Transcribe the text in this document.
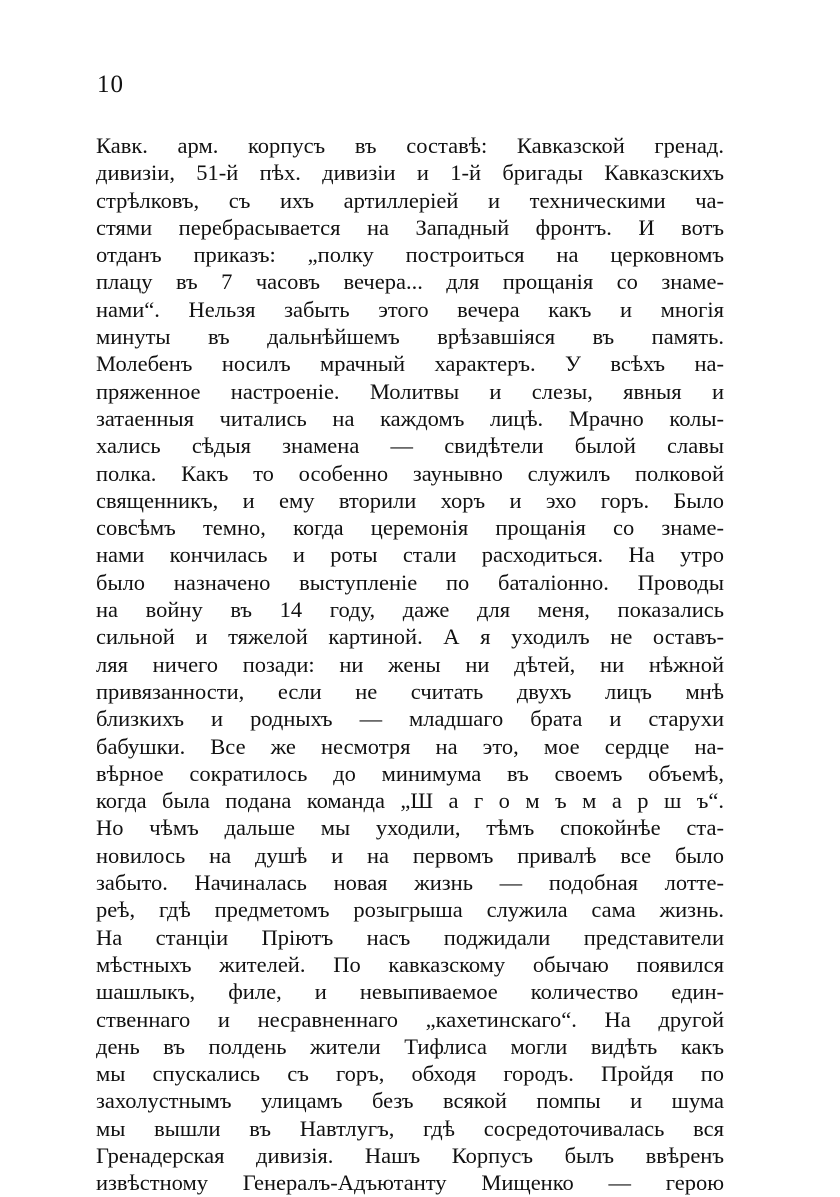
10
Кавк. арм. корпусъ въ составѣ: Кавказской гренад.
дивизіи, 51-й пѣх. дивизіи и 1-й бригады Кавказскихъ
стрѣлковъ, съ ихъ артиллеріей и техническими ча-
стями перебрасывается на Западный фронтъ. И вотъ
отданъ приказъ: „полку построиться на церковномъ
плацу въ 7 часовъ вечера... для прощанія со знаме-
нами“. Нельзя забыть этого вечера какъ и многія
минуты въ дальнѣйшемъ врѣзавшіяся въ память.
Молебенъ носилъ мрачный характеръ. У всѣхъ на-
пряженное настроеніе. Молитвы и слезы, явныя и
затаенныя читались на каждомъ лицѣ. Мрачно колы-
хались сѣдыя знамена — свидѣтели былой славы
полка. Какъ то особенно заунывно служилъ полковой
священникъ, и ему вторили хоръ и эхо горъ. Было
совсѣмъ темно, когда церемонія прощанія со знаме-
нами кончилась и роты стали расходиться. На утро
было назначено выступленіе по баталіонно. Проводы
на войну въ 14 году, даже для меня, показались
сильной и тяжелой картиной. А я уходилъ не оставъ-
ляя ничего позади: ни жены ни дѣтей, ни нѣжной
привязанности, если не считать двухъ лицъ мнѣ
близкихъ и родныхъ — младшаго брата и старухи
бабушки. Все же несмотря на это, мое сердце на-
вѣрное сократилось до минимума въ своемъ объемѣ,
когда была подана команда „Ш а г о м ъ м а р ш ъ“.
Но чѣмъ дальше мы уходили, тѣмъ спокойнѣе ста-
новилось на душѣ и на первомъ привалѣ все было
забыто. Начиналась новая жизнь — подобная лотте-
реѣ, гдѣ предметомъ розыгрыша служила сама жизнь.
На станціи Пріютъ насъ поджидали представители
мѣстныхъ жителей. По кавказскому обычаю появился
шашлыкъ, филе, и невыпиваемое количество един-
ственнаго и несравненнаго „кахетинскаго“. На другой
день въ полдень жители Тифлиса могли видѣть какъ
мы спускались съ горъ, обходя городъ. Пройдя по
захолустнымъ улицамъ безъ всякой помпы и шума
мы вышли въ Навтлугъ, гдѣ сосредоточивалась вся
Гренадерская дивизія. Нашъ Корпусъ былъ ввѣренъ
извѣстному Генералъ-Адъютанту Мищенко — герою
